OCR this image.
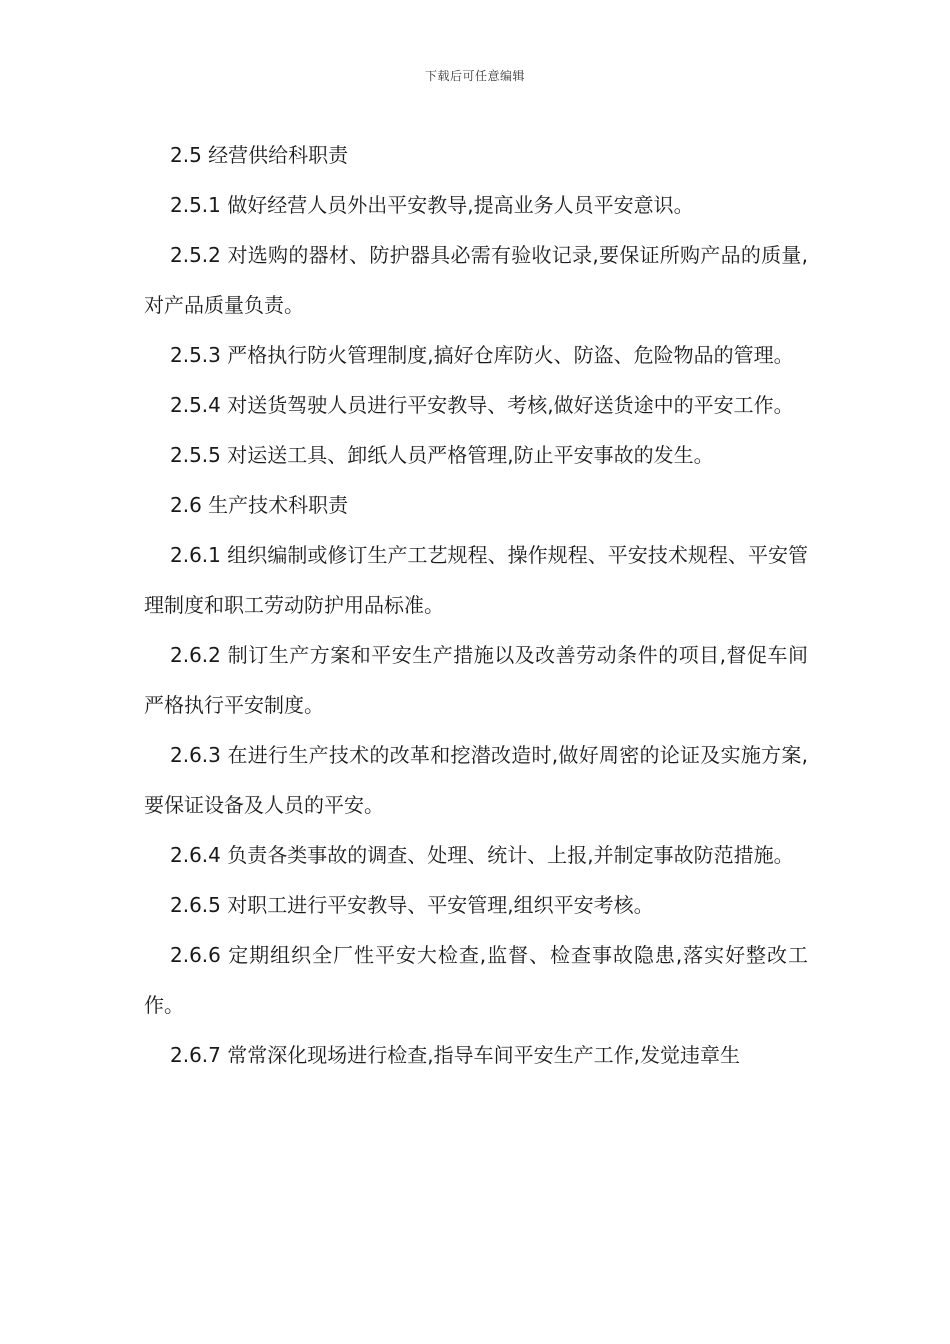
下载后可任意编辑

2.5 经营供给科职责

2.5.1 做好经营人员外出平安教导,提高业务人员平安意识。

2.5.2 对选购的器材、防护器具必需有验收记录,要保证所购产品的质量,对产品质量负责。

2.5.3 严格执行防火管理制度,搞好仓库防火、防盗、危险物品的管理。

2.5.4 对送货驾驶人员进行平安教导、考核,做好送货途中的平安工作。

2.5.5 对运送工具、卸纸人员严格管理,防止平安事故的发生。

2.6 生产技术科职责

2.6.1 组织编制或修订生产工艺规程、操作规程、平安技术规程、平安管理制度和职工劳动防护用品标准。

2.6.2 制订生产方案和平安生产措施以及改善劳动条件的项目,督促车间严格执行平安制度。

2.6.3 在进行生产技术的改革和挖潜改造时,做好周密的论证及实施方案,要保证设备及人员的平安。

2.6.4 负责各类事故的调查、处理、统计、上报,并制定事故防范措施。

2.6.5 对职工进行平安教导、平安管理,组织平安考核。

2.6.6 定期组织全厂性平安大检查,监督、检查事故隐患,落实好整改工作。

2.6.7 常常深化现场进行检查,指导车间平安生产工作,发觉违章生
